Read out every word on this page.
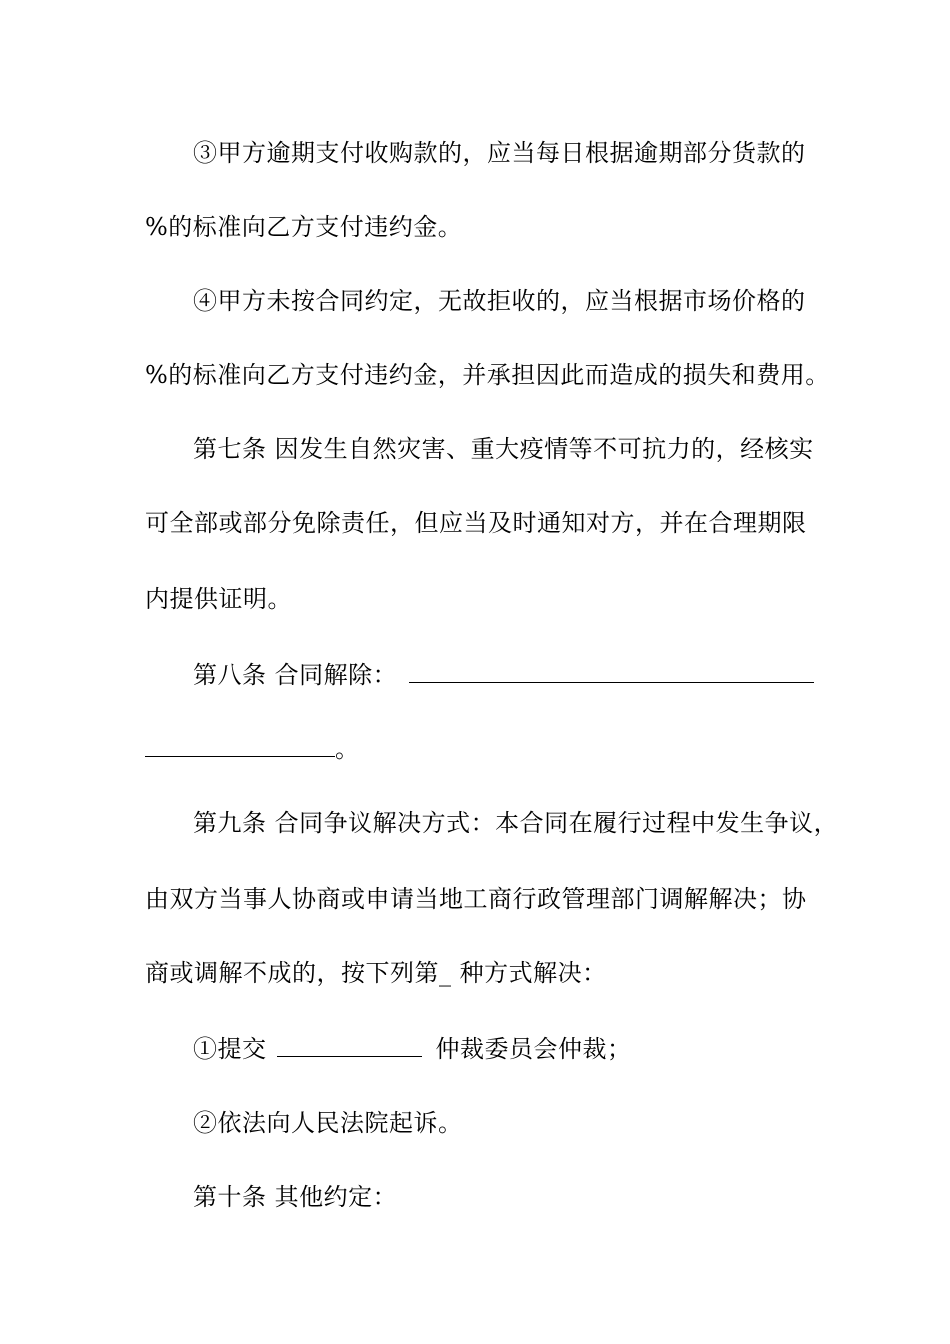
③甲方逾期支付收购款的，应当每日根据逾期部分货款的
%的标准向乙方支付违约金。
④甲方未按合同约定，无故拒收的，应当根据市场价格的
%的标准向乙方支付违约金，并承担因此而造成的损失和费用。
第七条 因发生自然灾害、重大疫情等不可抗力的，经核实
可全部或部分免除责任，但应当及时通知对方，并在合理期限
内提供证明。
第八条 合同解除：
。
第九条 合同争议解决方式：本合同在履行过程中发生争议，
由双方当事人协商或申请当地工商行政管理部门调解解决；协
商或调解不成的，按下列第_ 种方式解决：
①提交	仲裁委员会仲裁；
②依法向人民法院起诉。
第十条 其他约定：
